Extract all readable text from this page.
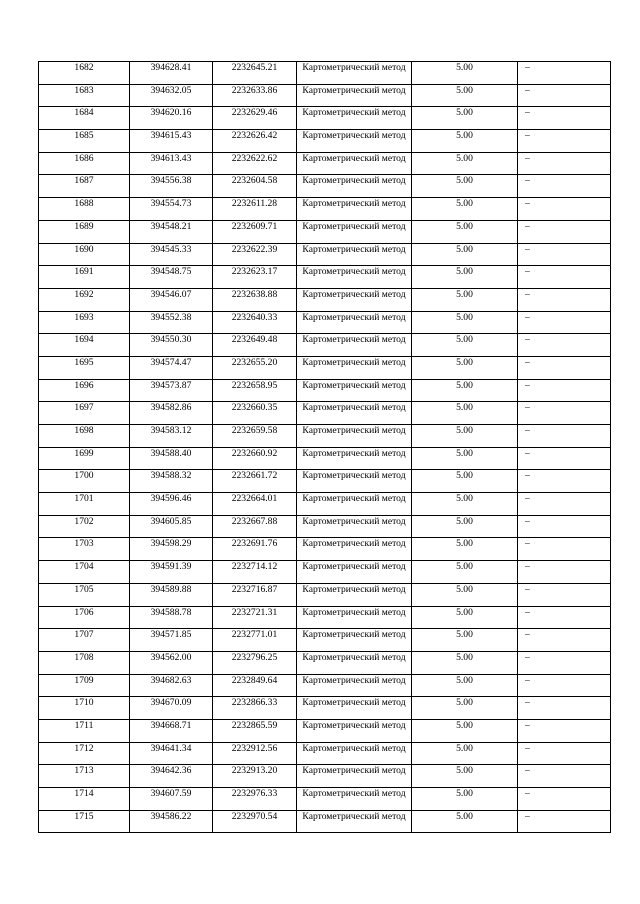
1682	394628.41	2232645.21	Картометрический метод	5.00	–

1683	394632.05	2232633.86	Картометрический метод	5.00	–

1684	394620.16	2232629.46	Картометрический метод	5.00	–

1685	394615.43	2232626.42	Картометрический метод	5.00	–

1686	394613.43	2232622.62	Картометрический метод	5.00	–

1687	394556.38	2232604.58	Картометрический метод	5.00	–

1688	394554.73	2232611.28	Картометрический метод	5.00	–

1689	394548.21	2232609.71	Картометрический метод	5.00	–

1690	394545.33	2232622.39	Картометрический метод	5.00	–

1691	394548.75	2232623.17	Картометрический метод	5.00	–

1692	394546.07	2232638.88	Картометрический метод	5.00	–

1693	394552.38	2232640.33	Картометрический метод	5.00	–

1694	394550.30	2232649.48	Картометрический метод	5.00	–

1695	394574.47	2232655.20	Картометрический метод	5.00	–

1696	394573.87	2232658.95	Картометрический метод	5.00	–

1697	394582.86	2232660.35	Картометрический метод	5.00	–

1698	394583.12	2232659.58	Картометрический метод	5.00	–

1699	394588.40	2232660.92	Картометрический метод	5.00	–

1700	394588.32	2232661.72	Картометрический метод	5.00	–

1701	394596.46	2232664.01	Картометрический метод	5.00	–

1702	394605.85	2232667.88	Картометрический метод	5.00	–

1703	394598.29	2232691.76	Картометрический метод	5.00	–

1704	394591.39	2232714.12	Картометрический метод	5.00	–

1705	394589.88	2232716.87	Картометрический метод	5.00	–

1706	394588.78	2232721.31	Картометрический метод	5.00	–

1707	394571.85	2232771.01	Картометрический метод	5.00	–

1708	394562.00	2232796.25	Картометрический метод	5.00	–

1709	394682.63	2232849.64	Картометрический метод	5.00	–

1710	394670.09	2232866.33	Картометрический метод	5.00	–

1711	394668.71	2232865.59	Картометрический метод	5.00	–

1712	394641.34	2232912.56	Картометрический метод	5.00	–

1713	394642.36	2232913.20	Картометрический метод	5.00	–

1714	394607.59	2232976.33	Картометрический метод	5.00	–

1715	394586.22	2232970.54	Картометрический метод	5.00	–
